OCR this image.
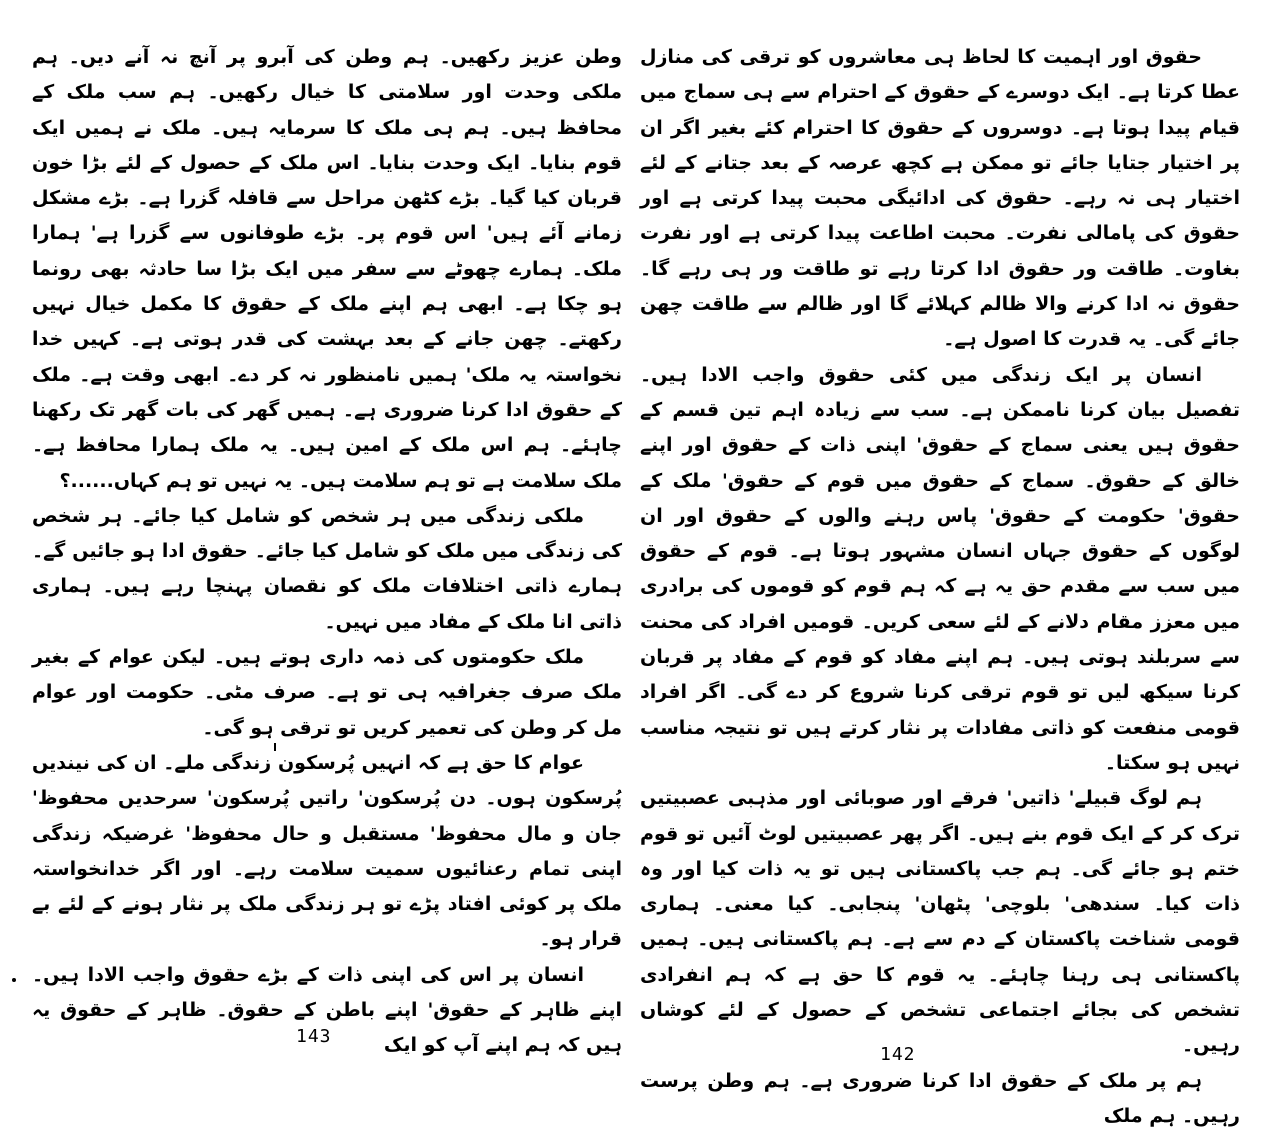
وطن عزیز رکھیں۔ ہم وطن کی آبرو پر آنچ نہ آنے دیں۔ ہم ملکی وحدت اور سلامتی کا خیال رکھیں۔ ہم سب ملک کے محافظ ہیں۔ ہم ہی ملک کا سرمایہ ہیں۔ ملک نے ہمیں ایک قوم بنایا۔ ایک وحدت بنایا۔ اس ملک کے حصول کے لئے بڑا خون قربان کیا گیا۔ بڑے کٹھن مراحل سے قافلہ گزرا ہے۔ بڑے مشکل زمانے آئے ہیں' اس قوم پر۔ بڑے طوفانوں سے گزرا ہے' ہمارا ملک۔ ہمارے چھوٹے سے سفر میں ایک بڑا سا حادثہ بھی رونما ہو چکا ہے۔ ابھی ہم اپنے ملک کے حقوق کا مکمل خیال نہیں رکھتے۔ چھن جانے کے بعد بہشت کی قدر ہوتی ہے۔ کہیں خدا نخواستہ یہ ملک' ہمیں نامنظور نہ کر دے۔ ابھی وقت ہے۔ ملک کے حقوق ادا کرنا ضروری ہے۔ ہمیں گھر کی بات گھر تک رکھنا چاہئے۔ ہم اس ملک کے امین ہیں۔ یہ ملک ہمارا محافظ ہے۔ ملک سلامت ہے تو ہم سلامت ہیں۔ یہ نہیں تو ہم کہاں......؟

ملکی زندگی میں ہر شخص کو شامل کیا جائے۔ ہر شخص کی زندگی میں ملک کو شامل کیا جائے۔ حقوق ادا ہو جائیں گے۔ ہمارے ذاتی اختلافات ملک کو نقصان پہنچا رہے ہیں۔ ہماری ذاتی انا ملک کے مفاد میں نہیں۔

ملک حکومتوں کی ذمہ داری ہوتے ہیں۔ لیکن عوام کے بغیر ملک صرف جغرافیہ ہی تو ہے۔ صرف مٹی۔ حکومت اور عوام مل کر وطن کی تعمیر کریں تو ترقی ہو گی۔

عوام کا حق ہے کہ انہیں پُرسکون زندگی ملے۔ ان کی نیندیں پُرسکون ہوں۔ دن پُرسکون' راتیں پُرسکون' سرحدیں محفوظ' جان و مال محفوظ' مستقبل و حال محفوظ' غرضیکہ زندگی اپنی تمام رعنائیوں سمیت سلامت رہے۔ اور اگر خدانخواستہ ملک پر کوئی افتاد پڑے تو ہر زندگی ملک پر نثار ہونے کے لئے بے قرار ہو۔

انسان پر اس کی اپنی ذات کے بڑے حقوق واجب الادا ہیں۔ اپنے ظاہر کے حقوق' اپنے باطن کے حقوق۔ ظاہر کے حقوق یہ ہیں کہ ہم اپنے آپ کو ایک

143

حقوق اور اہمیت کا لحاظ ہی معاشروں کو ترقی کی منازل عطا کرتا ہے۔ ایک دوسرے کے حقوق کے احترام سے ہی سماج میں قیام پیدا ہوتا ہے۔ دوسروں کے حقوق کا احترام کئے بغیر اگر ان پر اختیار جتایا جائے تو ممکن ہے کچھ عرصہ کے بعد جتانے کے لئے اختیار ہی نہ رہے۔ حقوق کی ادائیگی محبت پیدا کرتی ہے اور حقوق کی پامالی نفرت۔ محبت اطاعت پیدا کرتی ہے اور نفرت بغاوت۔ طاقت ور حقوق ادا کرتا رہے تو طاقت ور ہی رہے گا۔ حقوق نہ ادا کرنے والا ظالم کہلائے گا اور ظالم سے طاقت چھن جائے گی۔ یہ قدرت کا اصول ہے۔

انسان پر ایک زندگی میں کئی حقوق واجب الادا ہیں۔ تفصیل بیان کرنا ناممکن ہے۔ سب سے زیادہ اہم تین قسم کے حقوق ہیں یعنی سماج کے حقوق' اپنی ذات کے حقوق اور اپنے خالق کے حقوق۔ سماج کے حقوق میں قوم کے حقوق' ملک کے حقوق' حکومت کے حقوق' پاس رہنے والوں کے حقوق اور ان لوگوں کے حقوق جہاں انسان مشہور ہوتا ہے۔ قوم کے حقوق میں سب سے مقدم حق یہ ہے کہ ہم قوم کو قوموں کی برادری میں معزز مقام دلانے کے لئے سعی کریں۔ قومیں افراد کی محنت سے سربلند ہوتی ہیں۔ ہم اپنے مفاد کو قوم کے مفاد پر قربان کرنا سیکھ لیں تو قوم ترقی کرنا شروع کر دے گی۔ اگر افراد قومی منفعت کو ذاتی مفادات پر نثار کرتے ہیں تو نتیجہ مناسب نہیں ہو سکتا۔

ہم لوگ قبیلے' ذاتیں' فرقے اور صوبائی اور مذہبی عصبیتیں ترک کر کے ایک قوم بنے ہیں۔ اگر پھر عصبیتیں لوٹ آئیں تو قوم ختم ہو جائے گی۔ ہم جب پاکستانی ہیں تو یہ ذات کیا اور وہ ذات کیا۔ سندھی' بلوچی' پٹھان' پنجابی۔ کیا معنی۔ ہماری قومی شناخت پاکستان کے دم سے ہے۔ ہم پاکستانی ہیں۔ ہمیں پاکستانی ہی رہنا چاہئے۔ یہ قوم کا حق ہے کہ ہم انفرادی تشخص کی بجائے اجتماعی تشخص کے حصول کے لئے کوشاں رہیں۔

ہم پر ملک کے حقوق ادا کرنا ضروری ہے۔ ہم وطن پرست رہیں۔ ہم ملک

142
